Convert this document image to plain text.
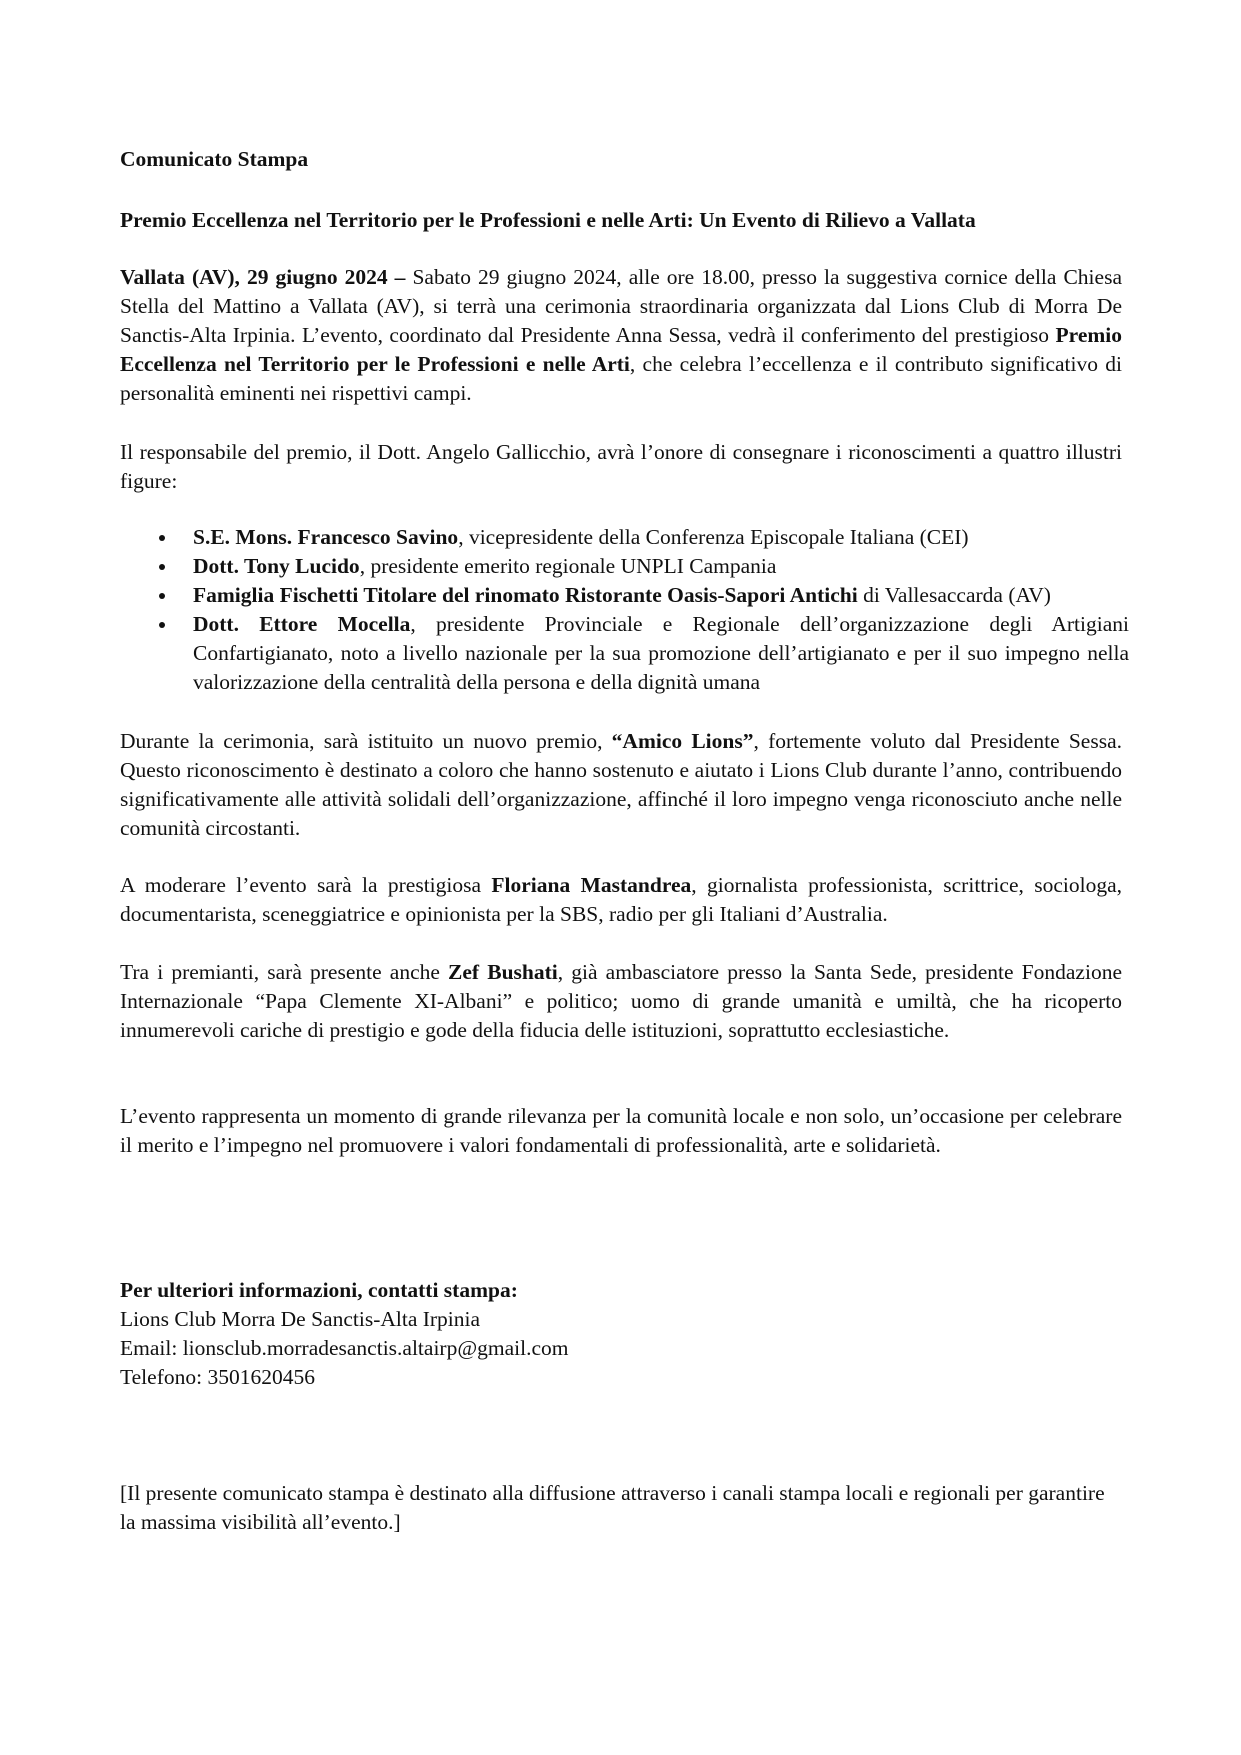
Comunicato Stampa

Premio Eccellenza nel Territorio per le Professioni e nelle Arti: Un Evento di Rilievo a Vallata

Vallata (AV), 29 giugno 2024 – Sabato 29 giugno 2024, alle ore 18.00, presso la suggestiva cornice della Chiesa Stella del Mattino a Vallata (AV), si terrà una cerimonia straordinaria organizzata dal Lions Club di Morra De Sanctis-Alta Irpinia. L’evento, coordinato dal Presidente Anna Sessa, vedrà il conferimento del prestigioso Premio Eccellenza nel Territorio per le Professioni e nelle Arti, che celebra l’eccellenza e il contributo significativo di personalità eminenti nei rispettivi campi.

Il responsabile del premio, il Dott. Angelo Gallicchio, avrà l’onore di consegnare i riconoscimenti a quattro illustri figure:

S.E. Mons. Francesco Savino, vicepresidente della Conferenza Episcopale Italiana (CEI)
Dott. Tony Lucido, presidente emerito regionale UNPLI Campania
Famiglia Fischetti Titolare del rinomato Ristorante Oasis-Sapori Antichi di Vallesaccarda (AV)
Dott. Ettore Mocella, presidente Provinciale e Regionale dell’organizzazione degli Artigiani Confartigianato, noto a livello nazionale per la sua promozione dell’artigianato e per il suo impegno nella valorizzazione della centralità della persona e della dignità umana

Durante la cerimonia, sarà istituito un nuovo premio, “Amico Lions”, fortemente voluto dal Presidente Sessa. Questo riconoscimento è destinato a coloro che hanno sostenuto e aiutato i Lions Club durante l’anno, contribuendo significativamente alle attività solidali dell’organizzazione, affinché il loro impegno venga riconosciuto anche nelle comunità circostanti.

A moderare l’evento sarà la prestigiosa Floriana Mastandrea, giornalista professionista, scrittrice, sociologa, documentarista, sceneggiatrice e opinionista per la SBS, radio per gli Italiani d’Australia.

Tra i premianti, sarà presente anche Zef Bushati, già ambasciatore presso la Santa Sede, presidente Fondazione Internazionale “Papa Clemente XI-Albani” e politico; uomo di grande umanità e umiltà, che ha ricoperto innumerevoli cariche di prestigio e gode della fiducia delle istituzioni, soprattutto ecclesiastiche.

L’evento rappresenta un momento di grande rilevanza per la comunità locale e non solo, un’occasione per celebrare il merito e l’impegno nel promuovere i valori fondamentali di professionalità, arte e solidarietà.

Per ulteriori informazioni, contatti stampa:
Lions Club Morra De Sanctis-Alta Irpinia
Email: lionsclub.morradesanctis.altairp@gmail.com
Telefono: 3501620456

[Il presente comunicato stampa è destinato alla diffusione attraverso i canali stampa locali e regionali per garantire la massima visibilità all’evento.]
